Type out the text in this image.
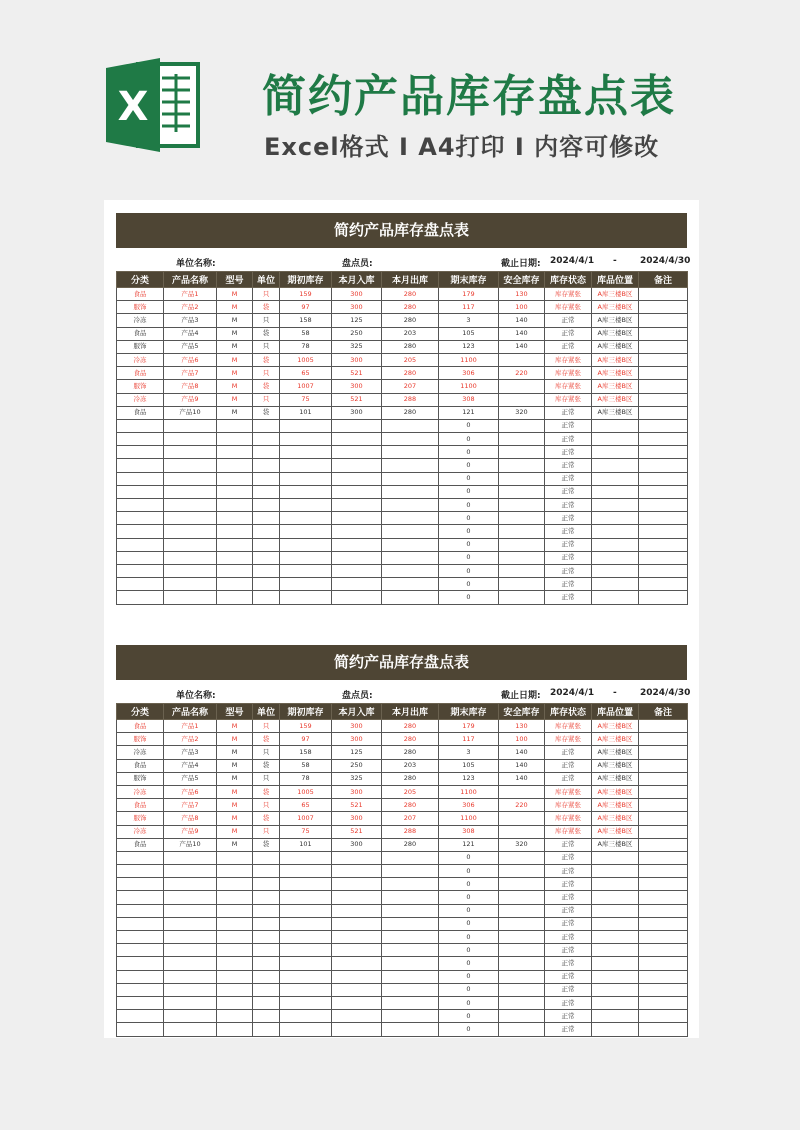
X	简约产品库存盘点表
Excel格式 I A4打印 I 内容可修改
简约产品库存盘点表
单位名称:	盘点员:	截止日期: 2024/4/1 -	2024/4/30
分类	产品名称	型号	单位	期初库存	本月入库	本月出库	期末库存	安全库存	库存状态	库品位置	备注
食品	产品1	M	只	159	300	280	179	130	库存紧张	A库三楼B区	
服饰	产品2	M	袋	97	300	280	117	100	库存紧张	A库三楼B区	
冷冻	产品3	M	只	158	125	280	3	140	正常	A库三楼B区	
食品	产品4	M	袋	58	250	203	105	140	正常	A库三楼B区	
服饰	产品5	M	只	78	325	280	123	140	正常	A库三楼B区	
冷冻	产品6	M	袋	1005	300	205	1100		库存紧张	A库三楼B区	
食品	产品7	M	只	65	521	280	306	220	库存紧张	A库三楼B区	
服饰	产品8	M	袋	1007	300	207	1100		库存紧张	A库三楼B区	
冷冻	产品9	M	只	75	521	288	308		库存紧张	A库三楼B区	
食品	产品10	M	袋	101	300	280	121	320	正常	A库三楼B区	
							0		正常		
							0		正常		
							0		正常		
							0		正常		
							0		正常		
							0		正常		
							0		正常		
							0		正常		
							0		正常		
							0		正常		
							0		正常		
							0		正常		
							0		正常		
							0		正常		
简约产品库存盘点表
单位名称:	盘点员:	截止日期: 2024/4/1 -	2024/4/30
分类	产品名称	型号	单位	期初库存	本月入库	本月出库	期末库存	安全库存	库存状态	库品位置	备注
食品	产品1	M	只	159	300	280	179	130	库存紧张	A库三楼B区	
服饰	产品2	M	袋	97	300	280	117	100	库存紧张	A库三楼B区	
冷冻	产品3	M	只	158	125	280	3	140	正常	A库三楼B区	
食品	产品4	M	袋	58	250	203	105	140	正常	A库三楼B区	
服饰	产品5	M	只	78	325	280	123	140	正常	A库三楼B区	
冷冻	产品6	M	袋	1005	300	205	1100		库存紧张	A库三楼B区	
食品	产品7	M	只	65	521	280	306	220	库存紧张	A库三楼B区	
服饰	产品8	M	袋	1007	300	207	1100		库存紧张	A库三楼B区	
冷冻	产品9	M	只	75	521	288	308		库存紧张	A库三楼B区	
食品	产品10	M	袋	101	300	280	121	320	正常	A库三楼B区	
							0		正常		
							0		正常		
							0		正常		
							0		正常		
							0		正常		
							0		正常		
							0		正常		
							0		正常		
							0		正常		
							0		正常		
							0		正常		
							0		正常		
							0		正常		
							0		正常		
